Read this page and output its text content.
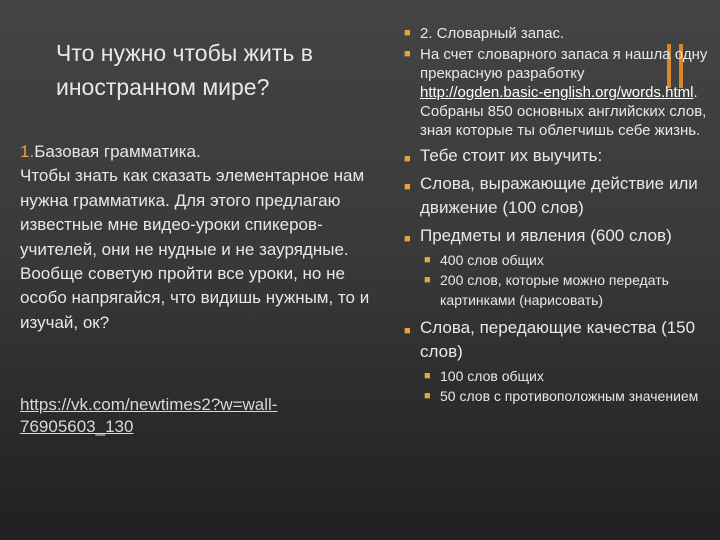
Что нужно чтобы жить в иностранном мире?
1.Базовая грамматика.
Чтобы знать как сказать элементарное нам нужна грамматика. Для этого предлагаю известные мне видео-уроки спикеров-учителей, они не нудные и не заурядные. Вообще советую пройти все уроки, но не особо напрягайся, что видишь нужным, то и изучай, ок?
https://vk.com/newtimes2?w=wall-76905603_130
■ 2. Словарный запас.
■ На счет словарного запаса я нашла одну прекрасную разработку http://ogden.basic-english.org/words.html. Собраны 850 основных английских слов, зная которые ты облегчишь себе жизнь.
■ Тебе стоит их выучить:
■ Слова, выражающие действие или движение (100 слов)
■ Предметы и явления (600 слов)
■ 400 слов общих
■ 200 слов, которые можно передать картинками (нарисовать)
■ Слова, передающие качества (150 слов)
■ 100 слов общих
■ 50 слов с противоположным значением
